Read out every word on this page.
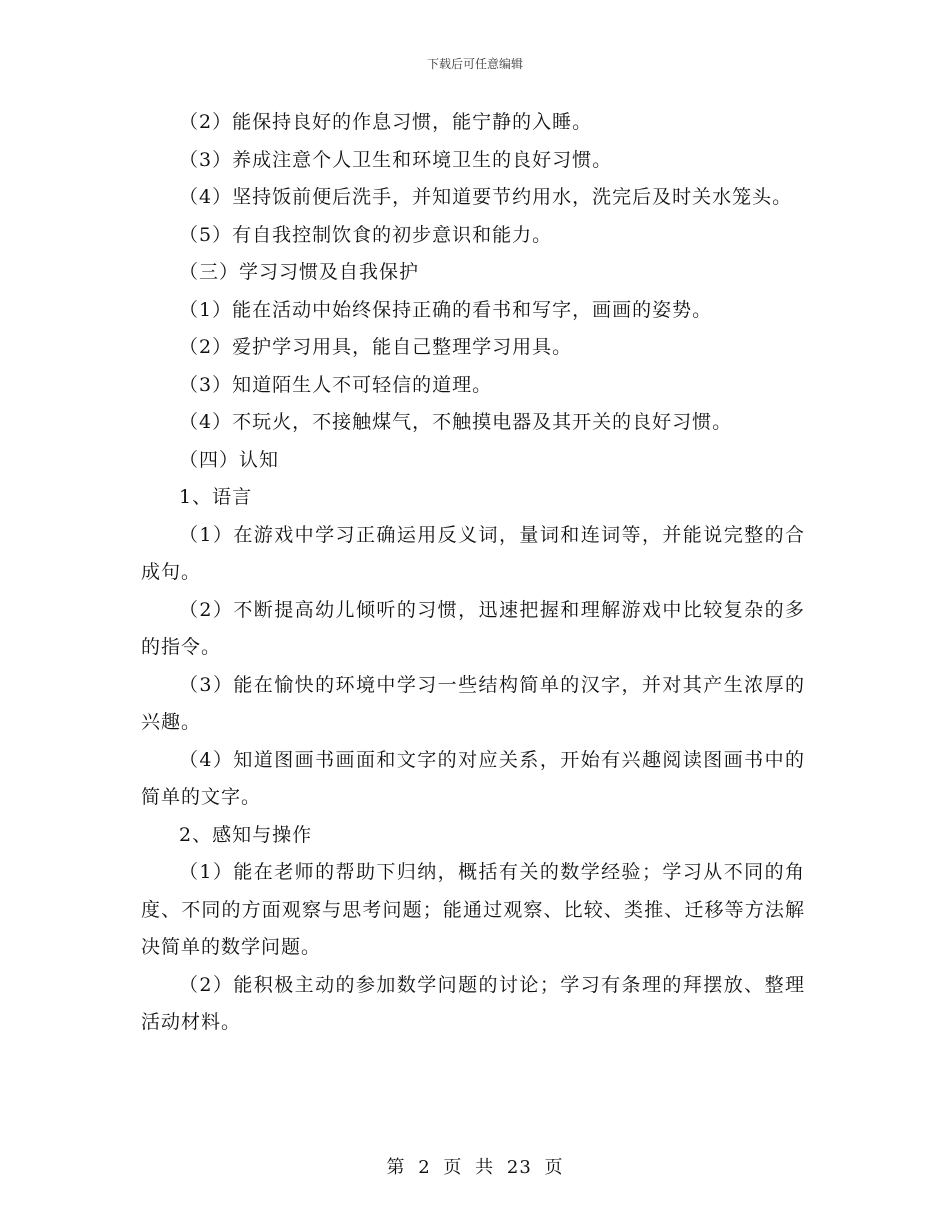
下载后可任意编辑

（2）能保持良好的作息习惯，能宁静的入睡。

（3）养成注意个人卫生和环境卫生的良好习惯。

（4）坚持饭前便后洗手，并知道要节约用水，洗完后及时关水笼头。

（5）有自我控制饮食的初步意识和能力。

（三）学习习惯及自我保护

（1）能在活动中始终保持正确的看书和写字，画画的姿势。

（2）爱护学习用具，能自己整理学习用具。

（3）知道陌生人不可轻信的道理。

（4）不玩火，不接触煤气，不触摸电器及其开关的良好习惯。

（四）认知

1、语言

（1）在游戏中学习正确运用反义词，量词和连词等，并能说完整的合成句。

（2）不断提高幼儿倾听的习惯，迅速把握和理解游戏中比较复杂的多的指令。

（3）能在愉快的环境中学习一些结构简单的汉字，并对其产生浓厚的兴趣。

（4）知道图画书画面和文字的对应关系，开始有兴趣阅读图画书中的简单的文字。

2、感知与操作

（1）能在老师的帮助下归纳，概括有关的数学经验；学习从不同的角度、不同的方面观察与思考问题；能通过观察、比较、类推、迁移等方法解决简单的数学问题。

（2）能积极主动的参加数学问题的讨论；学习有条理的拜摆放、整理活动材料。

第 2 页 共 23 页
